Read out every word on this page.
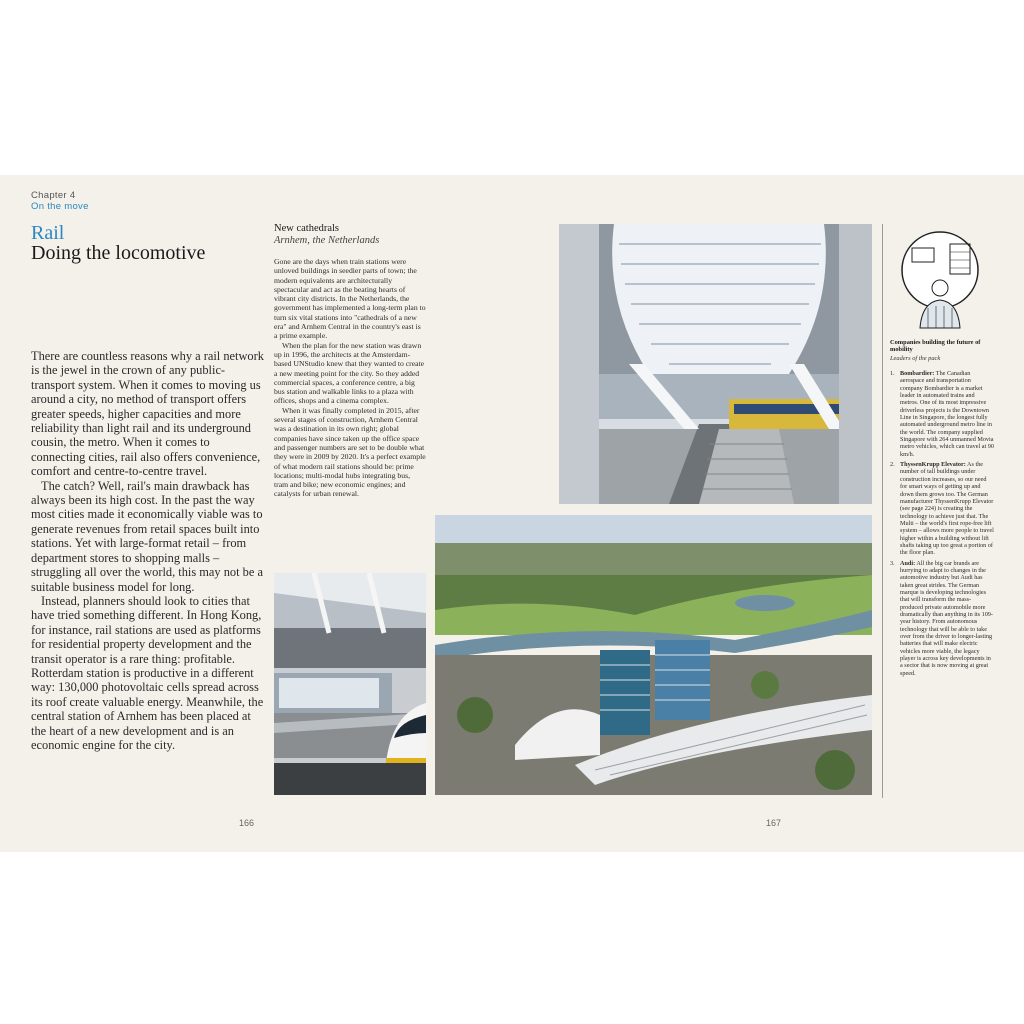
Chapter 4
On the move
Rail
Doing the locomotive

There are countless reasons why a rail network is the jewel in the crown of any public-transport system. When it comes to moving us around a city, no method of transport offers greater speeds, higher capacities and more reliability than light rail and its underground cousin, the metro. When it comes to connecting cities, rail also offers convenience, comfort and centre-to-centre travel.

The catch? Well, rail's main drawback has always been its high cost. In the past the way most cities made it economically viable was to generate revenues from retail spaces built into stations. Yet with large-format retail – from department stores to shopping malls – struggling all over the world, this may not be a suitable business model for long.

Instead, planners should look to cities that have tried something different. In Hong Kong, for instance, rail stations are used as platforms for residential property development and the transit operator is a rare thing: profitable. Rotterdam station is productive in a different way: 130,000 photovoltaic cells spread across its roof create valuable energy. Meanwhile, the central station of Arnhem has been placed at the heart of a new development and is an economic engine for the city.

New cathedrals
Arnhem, the Netherlands

Gone are the days when train stations were unloved buildings in seedier parts of town; the modern equivalents are architecturally spectacular and act as the beating hearts of vibrant city districts. In the Netherlands, the government has implemented a long-term plan to turn six vital stations into "cathedrals of a new era" and Arnhem Central in the country's east is a prime example.

When the plan for the new station was drawn up in 1996, the architects at the Amsterdam-based UNStudio knew that they wanted to create a new meeting point for the city. So they added commercial spaces, a conference centre, a big bus station and walkable links to a plaza with offices, shops and a cinema complex.

When it was finally completed in 2015, after several stages of construction, Arnhem Central was a destination in its own right; global companies have since taken up the office space and passenger numbers are set to be double what they were in 2009 by 2020. It's a perfect example of what modern rail stations should be: prime locations; multi-modal hubs integrating bus, tram and bike; new economic engines; and catalysts for urban renewal.

Companies building the future of mobility
Leaders of the pack
1. Bombardier: The Canadian aerospace and transportation company Bombardier is a market leader in automated trains and metros. One of its most impressive driverless projects is the Downtown Line in Singapore, the longest fully automated underground metro line in the world. The company supplied Singapore with 264 unmanned Movia metro vehicles, which can travel at 90 km/h.
2. ThyssenKrupp Elevator: As the number of tall buildings under construction increases, so our need for smart ways of getting up and down them grows too. The German manufacturer ThyssenKrupp Elevator (see page 224) is creating the technology to achieve just that. The Multi – the world's first rope-free lift system – allows more people to travel higher within a building without lift shafts taking up too great a portion of the floor plan.
3. Audi: All the big car brands are hurrying to adapt to changes in the automotive industry but Audi has taken great strides. The German marque is developing technologies that will transform the mass-produced private automobile more dramatically than anything in its 109-year history. From autonomous technology that will be able to take over from the driver to longer-lasting batteries that will make electric vehicles more viable, the legacy player is across key developments in a sector that is now moving at great speed.
166	167
